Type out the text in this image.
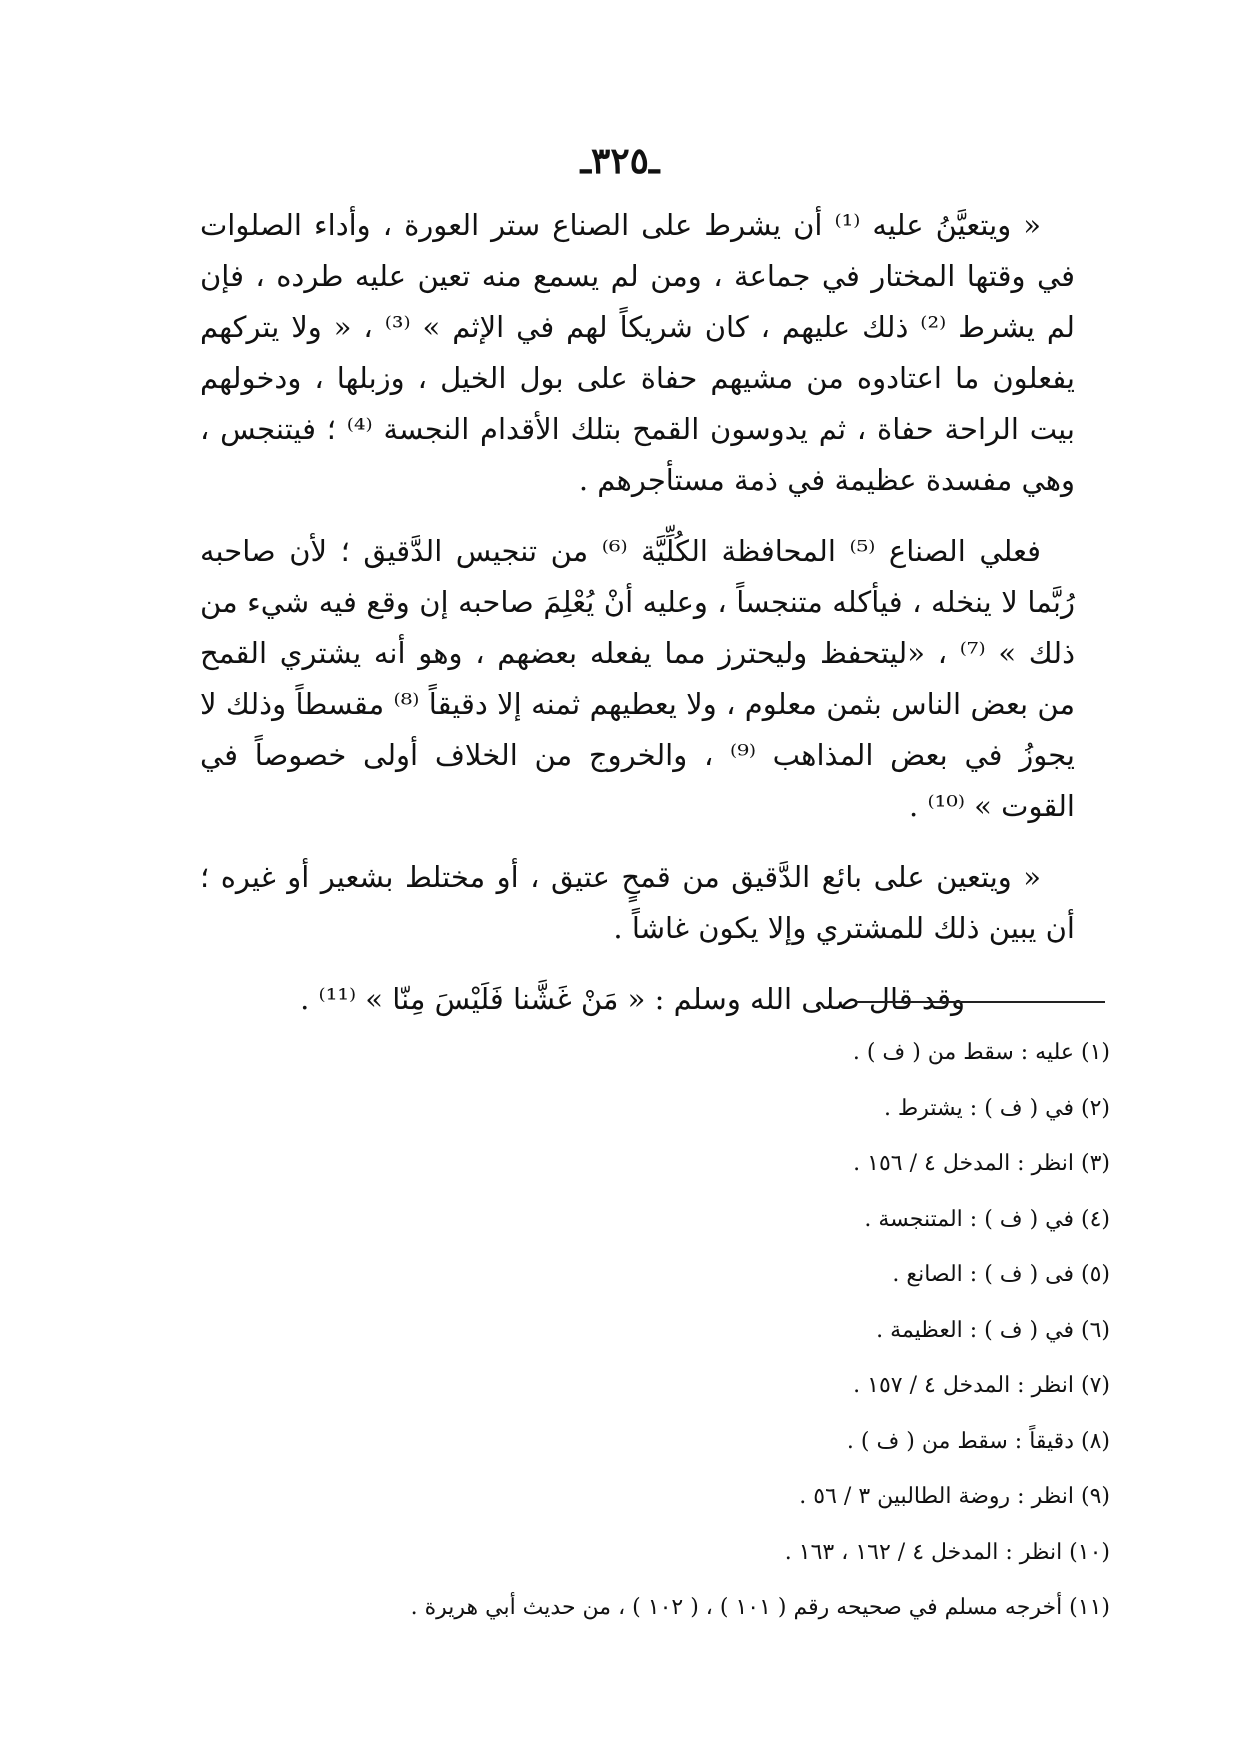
ـ٣٢٥ـ

« ويتعيَّنُ عليه ⁽¹⁾ أن يشرط على الصناع ستر العورة ، وأداء الصلوات في وقتها المختار في جماعة ، ومن لم يسمع منه تعين عليه طرده ، فإن لم يشرط ⁽²⁾ ذلك عليهم ، كان شريكاً لهم في الإثم » ⁽³⁾ ، « ولا يتركهم يفعلون ما اعتادوه من مشيهم حفاة على بول الخيل ، وزبلها ، ودخولهم بيت الراحة حفاة ، ثم يدوسون القمح بتلك الأقدام النجسة ⁽⁴⁾ ؛ فيتنجس ، وهي مفسدة عظيمة في ذمة مستأجرهم .

فعلي الصناع ⁽⁵⁾ المحافظة الكُلِّيَّة ⁽⁶⁾ من تنجيس الدَّقيق ؛ لأن صاحبه رُبَّما لا ينخله ، فيأكله متنجساً ، وعليه أنْ يُعْلِمَ صاحبه إن وقع فيه شيء من ذلك » ⁽⁷⁾ ، «ليتحفظ وليحترز مما يفعله بعضهم ، وهو أنه يشتري القمح من بعض الناس بثمن معلوم ، ولا يعطيهم ثمنه إلا دقيقاً ⁽⁸⁾ مقسطاً وذلك لا يجوزُ في بعض المذاهب ⁽⁹⁾ ، والخروج من الخلاف أولى خصوصاً في القوت » ⁽¹⁰⁾ .

« ويتعين على بائع الدَّقيق من قمحٍ عتيق ، أو مختلط بشعير أو غيره ؛ أن يبين ذلك للمشتري وإلا يكون غاشاً .

وقد قال صلى الله وسلم : « مَنْ غَشَّنا فَلَيْسَ مِنّا » ⁽¹¹⁾ .

(١) عليه : سقط من ( ف ) .
(٢) في ( ف ) : يشترط .
(٣) انظر : المدخل ٤ / ١٥٦ .
(٤) في ( ف ) : المتنجسة .
(٥) فى ( ف ) : الصانع .
(٦) في ( ف ) : العظيمة .
(٧) انظر : المدخل ٤ / ١٥٧ .
(٨) دقيقاً : سقط من ( ف ) .
(٩) انظر : روضة الطالبين ٣ / ٥٦ .
(١٠) انظر : المدخل ٤ / ١٦٢ ، ١٦٣ .
(١١) أخرجه مسلم في صحيحه رقم ( ١٠١ ) ، ( ١٠٢ ) ، من حديث أبي هريرة .
